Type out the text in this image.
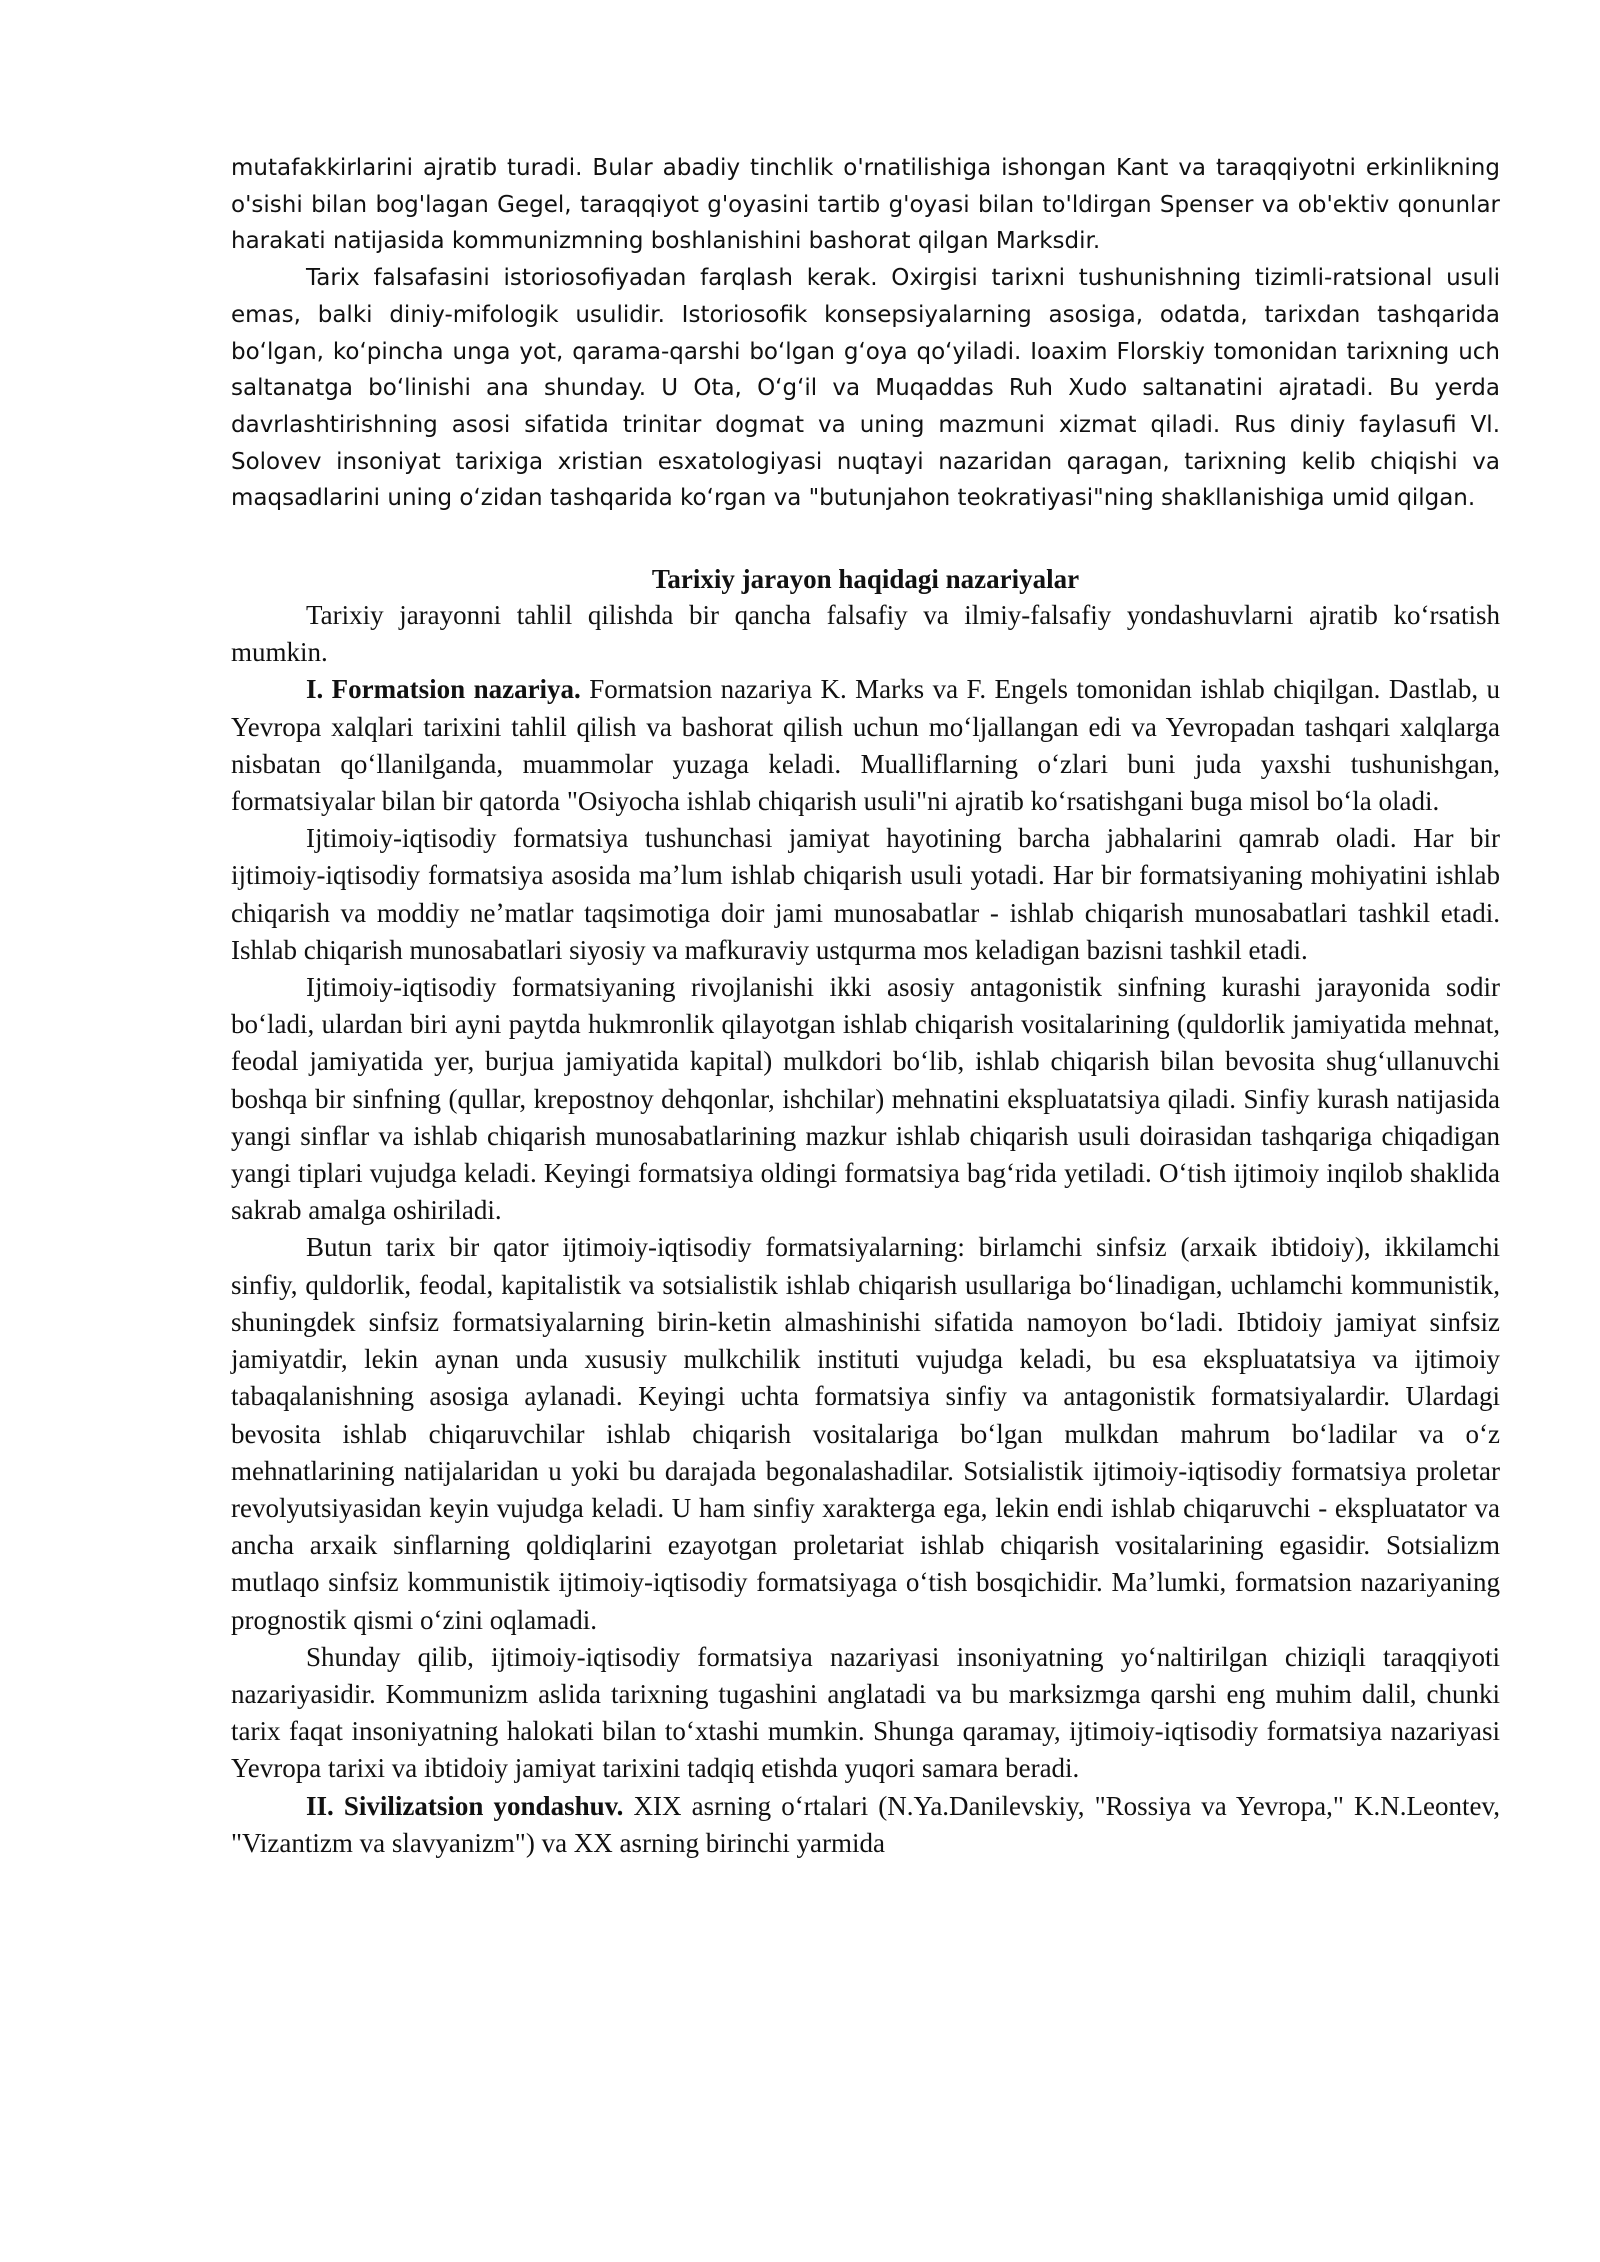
mutafakkirlarini ajratib turadi. Bular abadiy tinchlik o'rnatilishiga ishongan Kant va taraqqiyotni erkinlikning o'sishi bilan bog'lagan Gegel, taraqqiyot g'oyasini tartib g'oyasi bilan to'ldirgan Spenser va ob'ektiv qonunlar harakati natijasida kommunizmning boshlanishini bashorat qilgan Marksdir.

Tarix falsafasini istoriosofiyadan farqlash kerak. Oxirgisi tarixni tushunishning tizimli-ratsional usuli emas, balki diniy-mifologik usulidir. Istoriosofik konsepsiyalarning asosiga, odatda, tarixdan tashqarida boʻlgan, koʻpincha unga yot, qarama-qarshi boʻlgan gʻoya qoʻyiladi. Ioaxim Florskiy tomonidan tarixning uch saltanatga boʻlinishi ana shunday. U Ota, Oʻgʻil va Muqaddas Ruh Xudo saltanatini ajratadi. Bu yerda davrlashtirishning asosi sifatida trinitar dogmat va uning mazmuni xizmat qiladi. Rus diniy faylasufi Vl. Solovev insoniyat tarixiga xristian esxatologiyasi nuqtayi nazaridan qaragan, tarixning kelib chiqishi va maqsadlarini uning oʻzidan tashqarida koʻrgan va "butunjahon teokratiyasi"ning shakllanishiga umid qilgan.

Tarixiy jarayon haqidagi nazariyalar

Tarixiy jarayonni tahlil qilishda bir qancha falsafiy va ilmiy-falsafiy yondashuvlarni ajratib koʻrsatish mumkin.

I. Formatsion nazariya. Formatsion nazariya K. Marks va F. Engels tomonidan ishlab chiqilgan. Dastlab, u Yevropa xalqlari tarixini tahlil qilish va bashorat qilish uchun moʻljallangan edi va Yevropadan tashqari xalqlarga nisbatan qoʻllanilganda, muammolar yuzaga keladi. Mualliflarning oʻzlari buni juda yaxshi tushunishgan, formatsiyalar bilan bir qatorda "Osiyocha ishlab chiqarish usuli"ni ajratib koʻrsatishgani buga misol boʻla oladi.

Ijtimoiy-iqtisodiy formatsiya tushunchasi jamiyat hayotining barcha jabhalarini qamrab oladi. Har bir ijtimoiy-iqtisodiy formatsiya asosida maʼlum ishlab chiqarish usuli yotadi. Har bir formatsiyaning mohiyatini ishlab chiqarish va moddiy neʼmatlar taqsimotiga doir jami munosabatlar - ishlab chiqarish munosabatlari tashkil etadi. Ishlab chiqarish munosabatlari siyosiy va mafkuraviy ustqurma mos keladigan bazisni tashkil etadi.

Ijtimoiy-iqtisodiy formatsiyaning rivojlanishi ikki asosiy antagonistik sinfning kurashi jarayonida sodir boʻladi, ulardan biri ayni paytda hukmronlik qilayotgan ishlab chiqarish vositalarining (quldorlik jamiyatida mehnat, feodal jamiyatida yer, burjua jamiyatida kapital) mulkdori boʻlib, ishlab chiqarish bilan bevosita shugʻullanuvchi boshqa bir sinfning (qullar, krepostnoy dehqonlar, ishchilar) mehnatini ekspluatatsiya qiladi. Sinfiy kurash natijasida yangi sinflar va ishlab chiqarish munosabatlarining mazkur ishlab chiqarish usuli doirasidan tashqariga chiqadigan yangi tiplari vujudga keladi. Keyingi formatsiya oldingi formatsiya bagʻrida yetiladi. Oʻtish ijtimoiy inqilob shaklida sakrab amalga oshiriladi.

Butun tarix bir qator ijtimoiy-iqtisodiy formatsiyalarning: birlamchi sinfsiz (arxaik ibtidoiy), ikkilamchi sinfiy, quldorlik, feodal, kapitalistik va sotsialistik ishlab chiqarish usullariga boʻlinadigan, uchlamchi kommunistik, shuningdek sinfsiz formatsiyalarning birin-ketin almashinishi sifatida namoyon boʻladi. Ibtidoiy jamiyat sinfsiz jamiyatdir, lekin aynan unda xususiy mulkchilik instituti vujudga keladi, bu esa ekspluatatsiya va ijtimoiy tabaqalanishning asosiga aylanadi. Keyingi uchta formatsiya sinfiy va antagonistik formatsiyalardir. Ulardagi bevosita ishlab chiqaruvchilar ishlab chiqarish vositalariga boʻlgan mulkdan mahrum boʻladilar va oʻz mehnatlarining natijalaridan u yoki bu darajada begonalashadilar. Sotsialistik ijtimoiy-iqtisodiy formatsiya proletar revolyutsiyasidan keyin vujudga keladi. U ham sinfiy xarakterga ega, lekin endi ishlab chiqaruvchi - ekspluatator va ancha arxaik sinflarning qoldiqlarini ezayotgan proletariat ishlab chiqarish vositalarining egasidir. Sotsializm mutlaqo sinfsiz kommunistik ijtimoiy-iqtisodiy formatsiyaga oʻtish bosqichidir. Maʼlumki, formatsion nazariyaning prognostik qismi oʻzini oqlamadi.

Shunday qilib, ijtimoiy-iqtisodiy formatsiya nazariyasi insoniyatning yoʻnaltirilgan chiziqli taraqqiyoti nazariyasidir. Kommunizm aslida tarixning tugashini anglatadi va bu marksizmga qarshi eng muhim dalil, chunki tarix faqat insoniyatning halokati bilan toʻxtashi mumkin. Shunga qaramay, ijtimoiy-iqtisodiy formatsiya nazariyasi Yevropa tarixi va ibtidoiy jamiyat tarixini tadqiq etishda yuqori samara beradi.

II. Sivilizatsion yondashuv. XIX asrning oʻrtalari (N.Ya.Danilevskiy, "Rossiya va Yevropa," K.N.Leontev, "Vizantizm va slavyanizm") va XX asrning birinchi yarmida
